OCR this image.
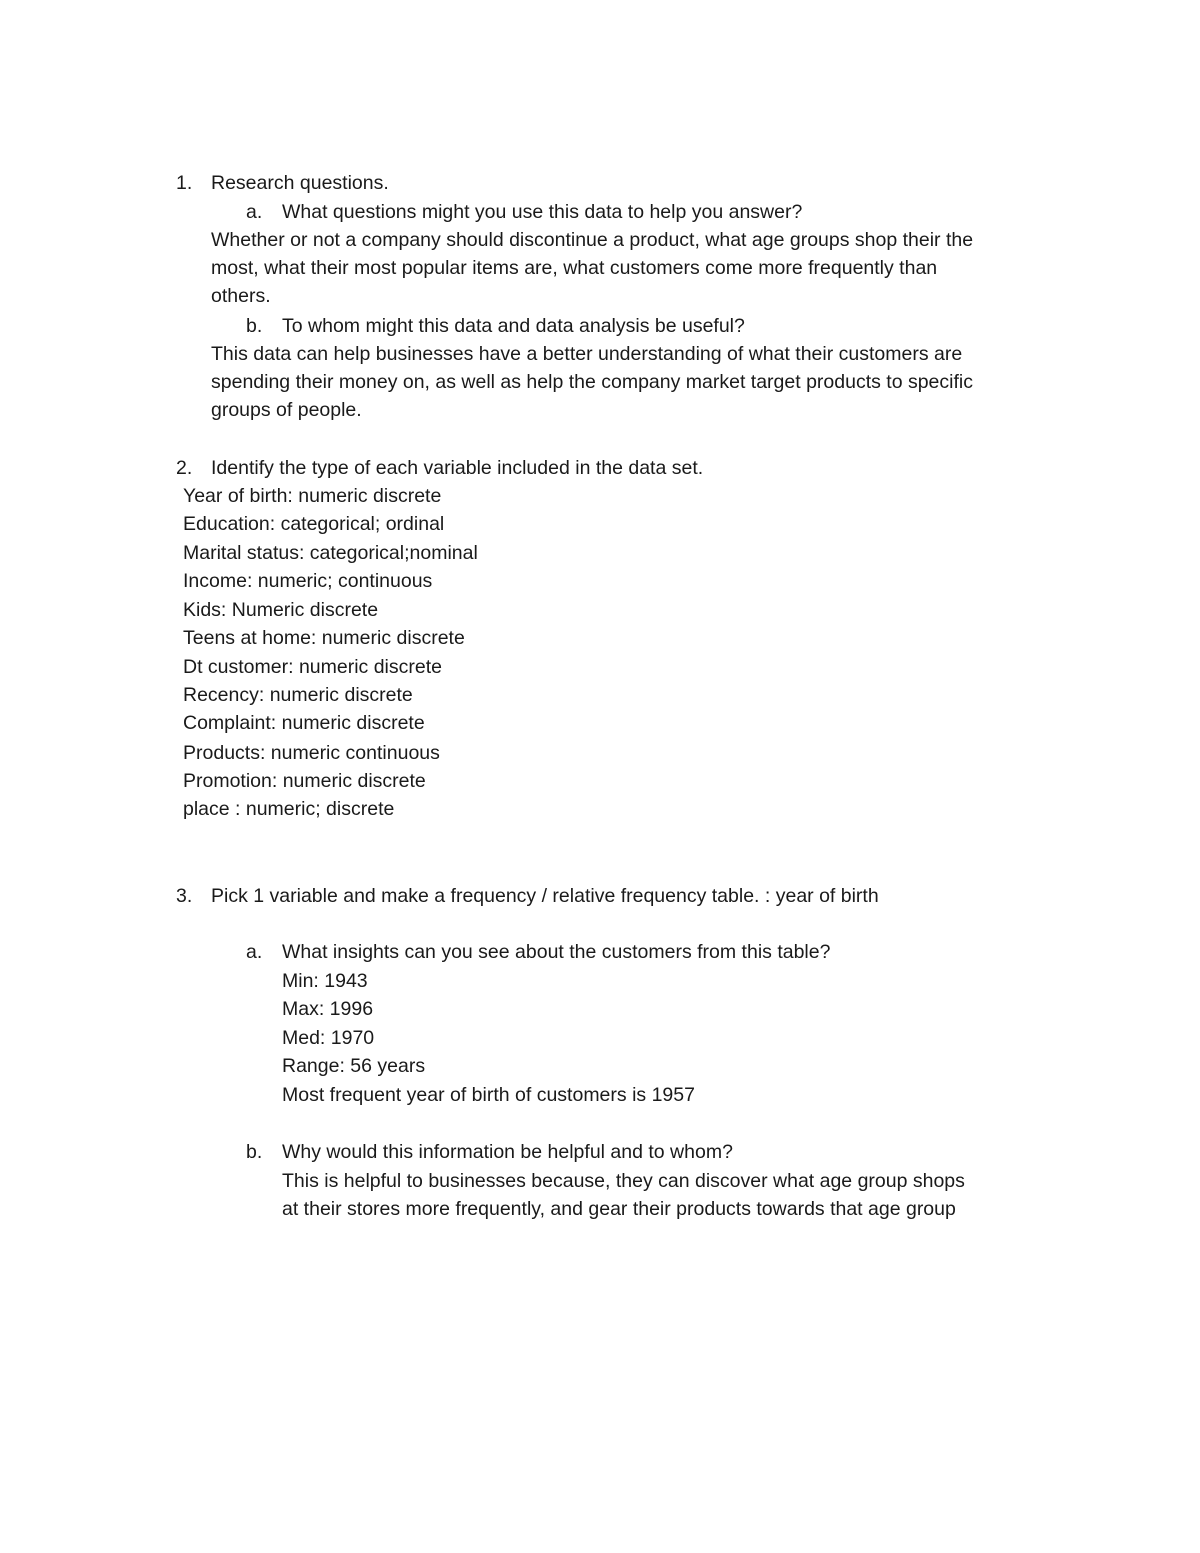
1. Research questions.
a. What questions might you use this data to help you answer?
Whether or not a company should discontinue a product, what age groups shop their the
most, what their most popular items are, what customers come more frequently than
others.
b. To whom might this data and data analysis be useful?
This data can help businesses have a better understanding of what their customers are
spending their money on, as well as help the company market target products to specific
groups of people.
2. Identify the type of each variable included in the data set.
Year of birth: numeric discrete
Education: categorical; ordinal
Marital status: categorical;nominal
Income: numeric; continuous
Kids: Numeric discrete
Teens at home: numeric discrete
Dt customer: numeric discrete
Recency: numeric discrete
Complaint: numeric discrete
Products: numeric continuous
Promotion: numeric discrete
place : numeric; discrete
3. Pick 1 variable and make a frequency / relative frequency table. : year of birth
a. What insights can you see about the customers from this table?
Min: 1943
Max: 1996
Med: 1970
Range: 56 years
Most frequent year of birth of customers is 1957
b. Why would this information be helpful and to whom?
This is helpful to businesses because, they can discover what age group shops
at their stores more frequently, and gear their products towards that age group
